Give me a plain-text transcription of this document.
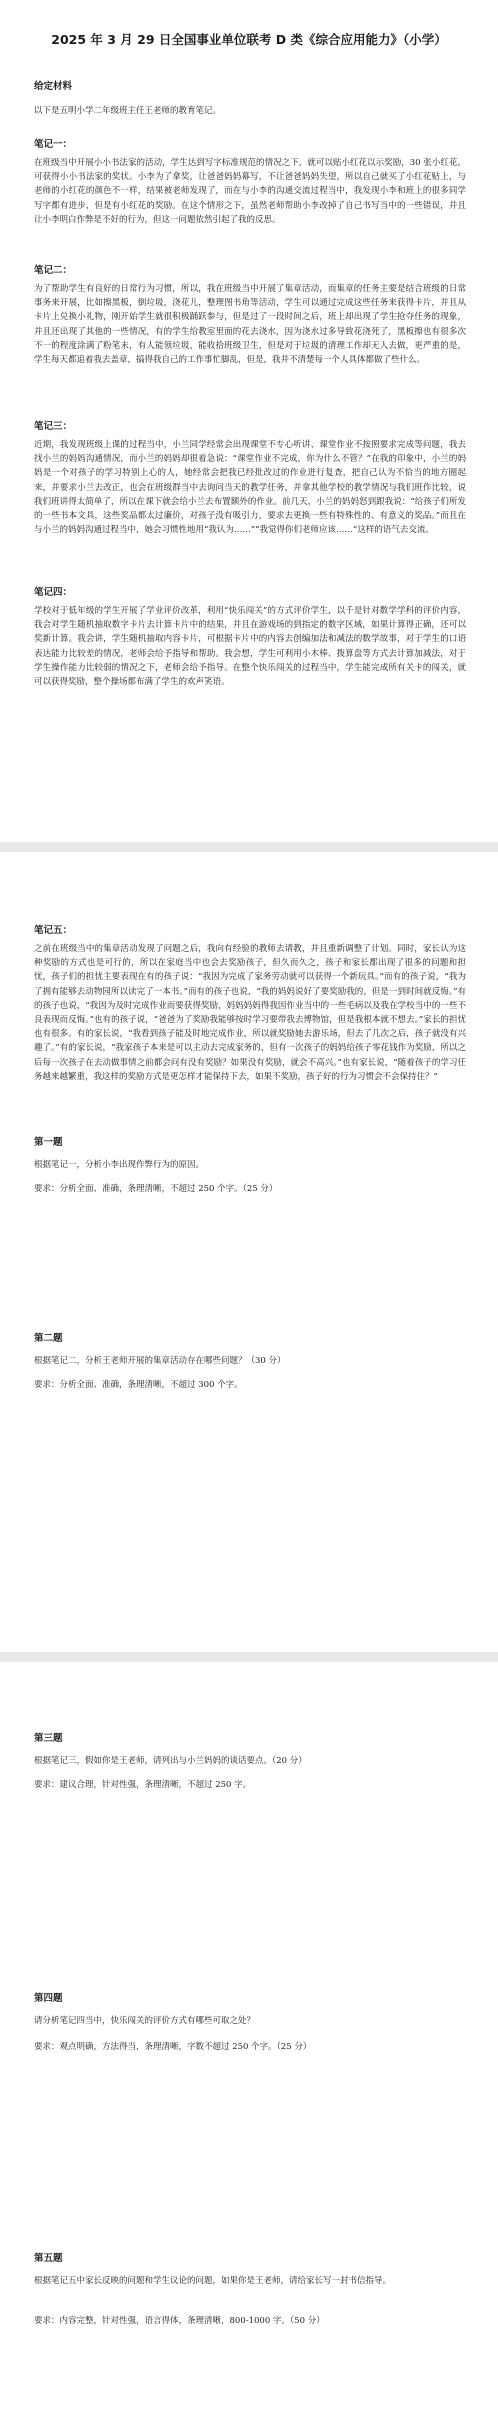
2025 年 3 月 29 日全国事业单位联考 D 类《综合应用能力》（小学）
给定材料
以下是五明小学二年级班主任王老师的教育笔记。
笔记一：
在班级当中开展小小书法家的活动，学生达到写字标准规范的情况之下，就可以贴小红花以示奖励，30 张小红花，可获得小小书法家的奖状。小李为了拿奖，让爸爸妈妈幕写，不让爸爸妈妈失望，所以自己就买了小红花贴上，与老师的小红花的颜色不一样，结果被老师发现了，而在与小李的沟通交流过程当中，我发现小李和班上的很多同学写字都有进步，但是有小红花的奖励。在这个情形之下，虽然老师帮助小李改掉了自己书写当中的一些错误，并且让小李明白作弊是不好的行为，但这一问题依然引起了我的反思。
笔记二：
为了帮助学生有良好的日常行为习惯，所以，我在班级当中开展了集章活动，而集章的任务主要是结合班级的日常事务来开展，比如擦黑板，倒垃圾，浇花儿，整理图书角等活动，学生可以通过完成这些任务来获得卡片，并且从卡片上兑换小礼物，刚开始学生就很积极踊跃参与，但是过了一段时间之后，班上却出现了学生抢夺任务的现象，并且还出现了其他的一些情况，有的学生给教室里面的花去浇水，因为浇水过多导致花浇死了，黑板擦也有很多次不一的程度涂满了粉笔末，有人能领垃圾，能收拾班级卫生，但是对于垃圾的清理工作却无人去做，更严重的是，学生每天都追着我去盖章，搞得我自己的工作事忙脚乱，但是，我并不清楚每一个人具体都做了些什么。
笔记三：
近期，我发现班级上课的过程当中，小兰同学经常会出现课堂不专心听讲、课堂作业不按照要求完成等问题，我去找小兰的妈妈沟通情况，而小兰的妈妈却很着急说：“课堂作业不完成，你为什么不管？”在我的印象中，小兰的妈妈是一个对孩子的学习特别上心的人，她经常会把我已经批改过的作业进行复查，把自己认为不恰当的地方圈起来，并要求小兰去改正，也会在班级群当中去询问当天的教学任务，并拿其他学校的教学情况与我们班作比较，说我们班讲得太简单了，所以在课下就会给小兰去布置额外的作业。前几天，小兰的妈妈怒到跟我说：“给孩子们所发的一些书本文具，这些奖品都太过廉价，对孩子没有吸引力，要求去更换一些有特殊性的、有意义的奖品。”而且在与小兰的妈妈沟通过程当中，她会习惯性地用“我认为……”“我觉得你们老师应该……”这样的语气去交流。
笔记四：
学校对于低年级的学生开展了学业评价改革，利用“快乐闯关”的方式评价学生，以千是针对数学学科的评价内容，我会对学生随机抽取数字卡片去计算卡片中的结果，并且在游戏场的到指定的数字区域，如果计算得正确，还可以奖新计算。我会讲，学生随机抽取内容卡片，可根据卡片中的内容去创编加法和减法的数学故事，对于学生的口语表达能力比较差的情况，老师会给予指导和帮助。我会想，学生可利用小木棒、拨算盘等方式去计算加减法，对于学生操作能力比较弱的情况之下，老师会给予指导。在整个快乐闯关的过程当中，学生能完成所有关卡的闯关，就可以获得奖励，整个操场都布满了学生的欢声笑语。
笔记五：
之前在班级当中的集章活动发现了问题之后，我向有经验的教师去请教，并且重新调整了计划。同时，家长认为这种奖励的方式也是可行的，所以在家庭当中也会去奖励孩子，但久而久之，孩子和家长都出现了很多的问题和担忧，孩子们的担忧主要表现在有的孩子说：“我因为完成了家务劳动就可以获得一个新玩具。”而有的孩子说，“我为了拥有能够去动物园所以读完了一本书。”而有的孩子也说，“我的妈妈说好了要奖励我的，但是一到时间就反悔。”有的孩子也说，“我因为及时完成作业而要获得奖励，妈妈妈妈得我因作业当中的一些毛病以及我在学校当中的一些不良表现而反悔。”也有的孩子说，“爸爸为了奖励我能够按时学习要带我去博物馆，但是我根本就不想去。”家长的担忧也有很多。有的家长说，“我看到孩子能及时地完成作业，所以就奖励她去游乐场，但去了几次之后，孩子就没有兴趣了。”有的家长说，“我家孩子本来是可以主动去完成家务的，但有一次孩子的妈妈给孩子零花钱作为奖励，所以之后每一次孩子在去动做事情之前都会问有没有奖励？如果没有奖励，就会不高兴。”也有家长说，“随着孩子的学习任务越来越繁重，我这样的奖励方式是更怎样才能保持下去，如果不奖励，孩子好的行为习惯会不会保持住？”
第一题
根据笔记一，分析小李出现作弊行为的原因。
要求：分析全面、准确，条理清晰，不超过 250 个字。（25 分）
第二题
根据笔记二，分析王老师开展的集章活动存在哪些问题？（30 分）
要求：分析全面、准确，条理清晰，不超过 300 个字。
第三题
根据笔记三，假如你是王老师，请列出与小兰妈妈的谈话要点。（20 分）
要求：建议合理，针对性强，条理清晰，不超过 250 字。
第四题
请分析笔记四当中，快乐闯关的评价方式有哪些可取之处？
要求：观点明确，方法得当，条理清晰，字数不超过 250 个字。（25 分）
第五题
根据笔记五中家长反映的问题和学生议论的问题，如果你是王老师，请给家长写一封书信指导。
要求：内容完整，针对性强，语言得体，条理清晰，800-1000 字。（50 分）
